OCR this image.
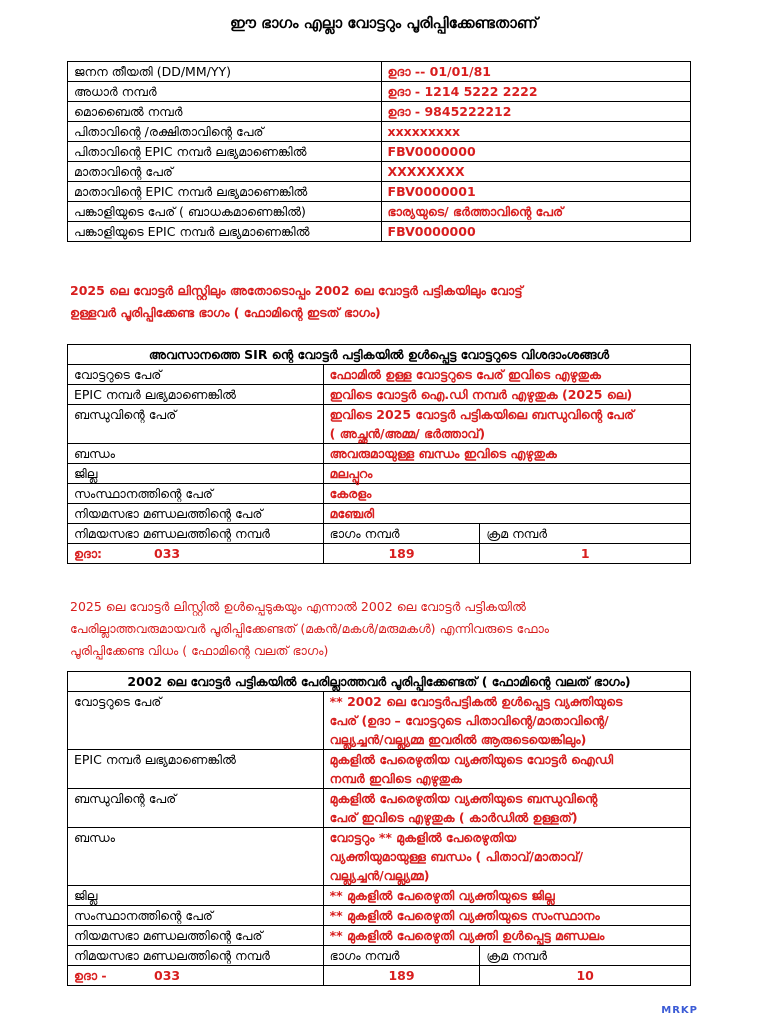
ഈ ഭാഗം എല്ലാ വോട്ടറും പൂരിപ്പിക്കേണ്ടതാണ്
ജനന തീയതി (DD/MM/YY)	ഉദാ -- 01/01/81
അധാർ നമ്പർ	ഉദാ - 1214 5222 2222
മൊബൈൽ നമ്പർ	ഉദാ - 9845222212
പിതാവിന്റെ /രക്ഷിതാവിന്റെ പേര്	xxxxxxxxx
പിതാവിന്റെ EPIC നമ്പർ ലഭ്യമാണെങ്കിൽ	FBV0000000
മാതാവിന്റെ പേര്	XXXXXXXX
മാതാവിന്റെ EPIC നമ്പർ ലഭ്യമാണെങ്കിൽ	FBV0000001
പങ്കാളിയുടെ പേര് ( ബാധകമാണെങ്കിൽ)	ഭാര്യയുടെ/ ഭർത്താവിന്റെ പേര്
പങ്കാളിയുടെ EPIC നമ്പർ ലഭ്യമാണെങ്കിൽ	FBV0000000
2025 ലെ വോട്ടർ ലിസ്റ്റിലും അതോടൊപ്പം 2002 ലെ വോട്ടർ പട്ടികയിലും വോട്ട്
ഉള്ളവർ പൂരിപ്പിക്കേണ്ട ഭാഗം ( ഫോമിന്റെ ഇടത് ഭാഗം)
അവസാനത്തെ SIR ന്റെ വോട്ടർ പട്ടികയിൽ ഉൾപ്പെട്ട വോട്ടറുടെ വിശദാംശങ്ങൾ		
വോട്ടറുടെ പേര്	ഫോമിൽ ഉള്ള വോട്ടറുടെ പേര് ഇവിടെ എഴുതുക	

EPIC നമ്പർ ലഭ്യമാണെങ്കിൽ	ഇവിടെ വോട്ടർ ഐ.ഡി നമ്പർ എഴുതുക (2025 ലെ)	

ബന്ധുവിന്റെ പേര്	ഇവിടെ 2025 വോട്ടർ പട്ടികയിലെ ബന്ധുവിന്റെ പേര്
( അച്ഛൻ/അമ്മ/ ഭർത്താവ്)	

ബന്ധം	അവരുമായുള്ള ബന്ധം ഇവിടെ എഴുതുക	

ജില്ല	മലപ്പുറം	

സംസ്ഥാനത്തിന്റെ പേര്	കേരളം	

നിയമസഭാ മണ്ഡലത്തിന്റെ പേര്	മഞ്ചേരി	

നിമയസഭാ മണ്ഡലത്തിന്റെ നമ്പർ	ഭാഗം നമ്പർ	ക്രമ നമ്പർ
ഉദാ: 033	189	1
2025 ലെ വോട്ടർ ലിസ്റ്റിൽ ഉൾപ്പെടുകയും എന്നാൽ 2002 ലെ വോട്ടർ പട്ടികയിൽ
പേരില്ലാത്തവരുമായവർ പൂരിപ്പിക്കേണ്ടത് (മകൻ/മകൾ/മരുമകൾ) എന്നിവരുടെ ഫോം
പൂരിപ്പിക്കേണ്ട വിധം ( ഫോമിന്റെ വലത് ഭാഗം)
2002 ലെ വോട്ടർ പട്ടികയിൽ പേരില്ലാത്തവർ പൂരിപ്പിക്കേണ്ടത് ( ഫോമിന്റെ വലത് ഭാഗം)		
വോട്ടറുടെ പേര്	** 2002 ലെ വോട്ടർപട്ടികൽ ഉൾപ്പെട്ട വ്യക്തിയുടെ
പേര് (ഉദാ – വോട്ടറുടെ പിതാവിന്റെ/മാതാവിന്റെ/
വല്ല്യച്ചൻ/വല്ല്യമ്മ ഇവരിൽ ആരുടെയെങ്കിലും)	

EPIC നമ്പർ ലഭ്യമാണെങ്കിൽ	മുകളിൽ പേരെഴുതിയ വ്യക്തിയുടെ വോട്ടർ ഐഡി
നമ്പർ ഇവിടെ എഴുതുക	

ബന്ധുവിന്റെ പേര്	മുകളിൽ പേരെഴുതിയ വ്യക്തിയുടെ ബന്ധുവിന്റെ
പേര് ഇവിടെ എഴുതുക ( കാർഡിൽ ഉള്ളത്)	

ബന്ധം	വോട്ടറും ** മുകളിൽ പേരെഴുതിയ
വ്യക്തിയുമായുള്ള ബന്ധം ( പിതാവ്/മാതാവ്/
വല്ല്യച്ചൻ/വല്ല്യമ്മ)	

ജില്ല	** മുകളിൽ പേരെഴുതി വ്യക്തിയുടെ ജില്ല	

സംസ്ഥാനത്തിന്റെ പേര്	** മുകളിൽ പേരെഴുതി വ്യക്തിയുടെ സംസ്ഥാനം	

നിയമസഭാ മണ്ഡലത്തിന്റെ പേര്	** മുകളിൽ പേരെഴുതി വ്യക്തി ഉൾപ്പെട്ട മണ്ഡലം	

നിമയസഭാ മണ്ഡലത്തിന്റെ നമ്പർ	ഭാഗം നമ്പർ	ക്രമ നമ്പർ
ഉദാ - 033	189	10
MRKP
